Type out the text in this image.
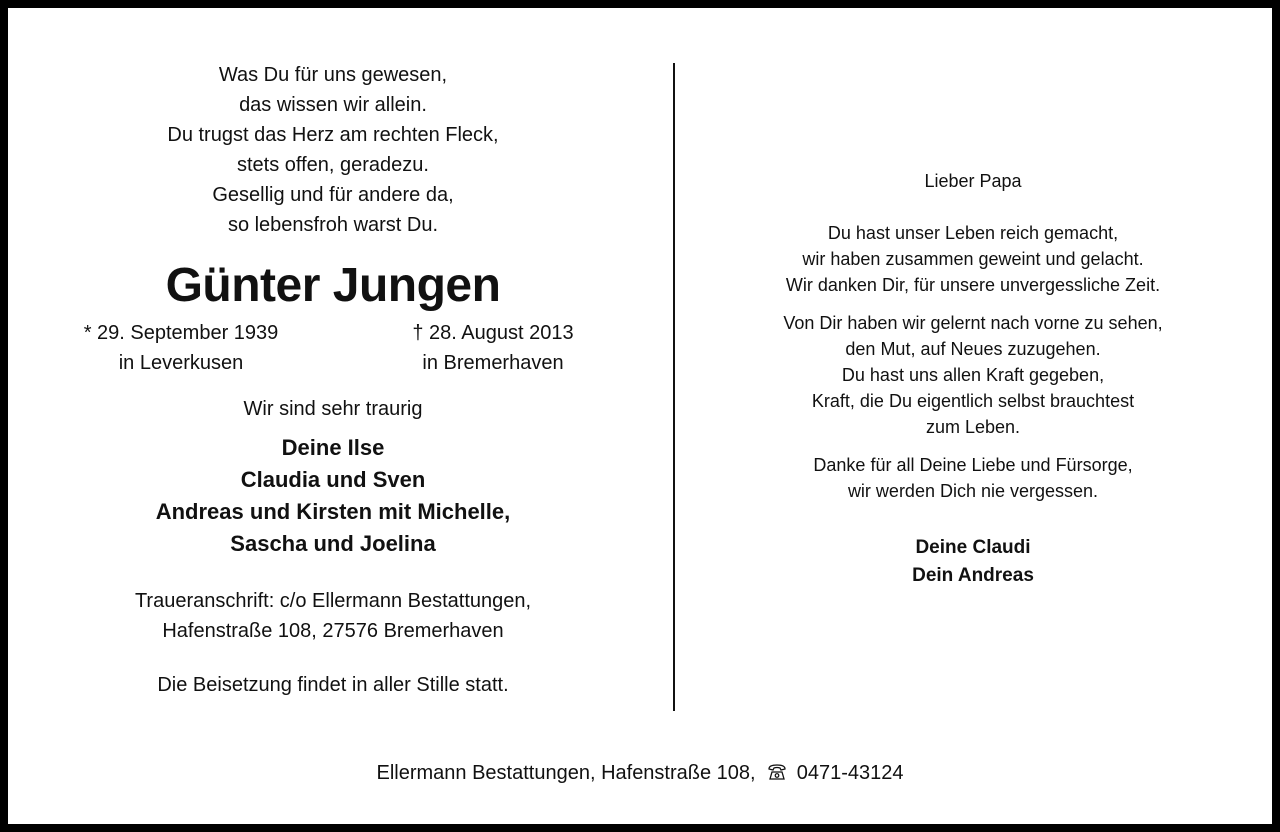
Was Du für uns gewesen,
das wissen wir allein.
Du trugst das Herz am rechten Fleck,
stets offen, geradezu.
Gesellig und für andere da,
so lebensfroh warst Du.
Günter Jungen
* 29. September 1939
in Leverkusen
† 28. August 2013
in Bremerhaven
Wir sind sehr traurig
Deine Ilse
Claudia und Sven
Andreas und Kirsten mit Michelle,
Sascha und Joelina
Traueranschrift: c/o Ellermann Bestattungen,
Hafenstraße 108, 27576 Bremerhaven
Die Beisetzung findet in aller Stille statt.
Lieber Papa
Du hast unser Leben reich gemacht,
wir haben zusammen geweint und gelacht.
Wir danken Dir, für unsere unvergessliche Zeit.
Von Dir haben wir gelernt nach vorne zu sehen,
den Mut, auf Neues zuzugehen.
Du hast uns allen Kraft gegeben,
Kraft, die Du eigentlich selbst brauchtest
zum Leben.
Danke für all Deine Liebe und Fürsorge,
wir werden Dich nie vergessen.
Deine Claudi
Dein Andreas
Ellermann Bestattungen, Hafenstraße 108, 0471-43124
